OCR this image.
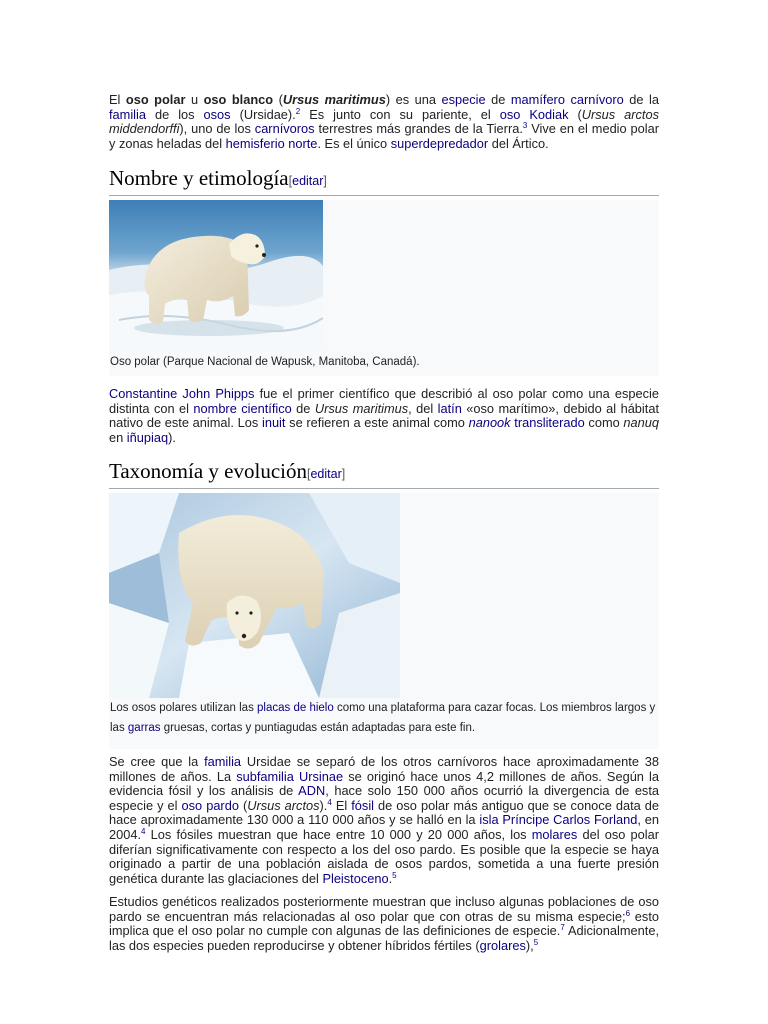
El oso polar u oso blanco (Ursus maritimus) es una especie de mamífero carnívoro de la familia de los osos (Ursidae).$^2$ Es junto con su pariente, el oso Kodiak (Ursus arctos middendorffi), uno de los carnívoros terrestres más grandes de la Tierra.$^3$ Vive en el medio polar y zonas heladas del hemisferio norte. Es el único superdepredador del Ártico.

Nombre y etimología[editar]
Oso polar (Parque Nacional de Wapusk, Manitoba, Canadá).

Constantine John Phipps fue el primer científico que describió al oso polar como una especie distinta con el nombre científico de Ursus maritimus, del latín «oso marítimo», debido al hábitat nativo de este animal. Los inuit se refieren a este animal como nanook transliterado como nanuq en iñupiaq).

Taxonomía y evolución[editar]
Los osos polares utilizan las placas de hielo como una plataforma para cazar focas. Los miembros largos y las garras gruesas, cortas y puntiagudas están adaptadas para este fin.

Se cree que la familia Ursidae se separó de los otros carnívoros hace aproximadamente 38 millones de años. La subfamilia Ursinae se originó hace unos 4,2 millones de años. Según la evidencia fósil y los análisis de ADN, hace solo 150 000 años ocurrió la divergencia de esta especie y el oso pardo (Ursus arctos).$^4$ El fósil de oso polar más antiguo que se conoce data de hace aproximadamente 130 000 a 110 000 años y se halló en la isla Príncipe Carlos Forland, en 2004.$^4$ Los fósiles muestran que hace entre 10 000 y 20 000 años, los molares del oso polar diferían significativamente con respecto a los del oso pardo. Es posible que la especie se haya originado a partir de una población aislada de osos pardos, sometida a una fuerte presión genética durante las glaciaciones del Pleistoceno.$^5$

Estudios genéticos realizados posteriormente muestran que incluso algunas poblaciones de oso pardo se encuentran más relacionadas al oso polar que con otras de su misma especie;$^6$ esto implica que el oso polar no cumple con algunas de las definiciones de especie.$^7$ Adicionalmente, las dos especies pueden reproducirse y obtener híbridos fértiles (grolares),$^5$
